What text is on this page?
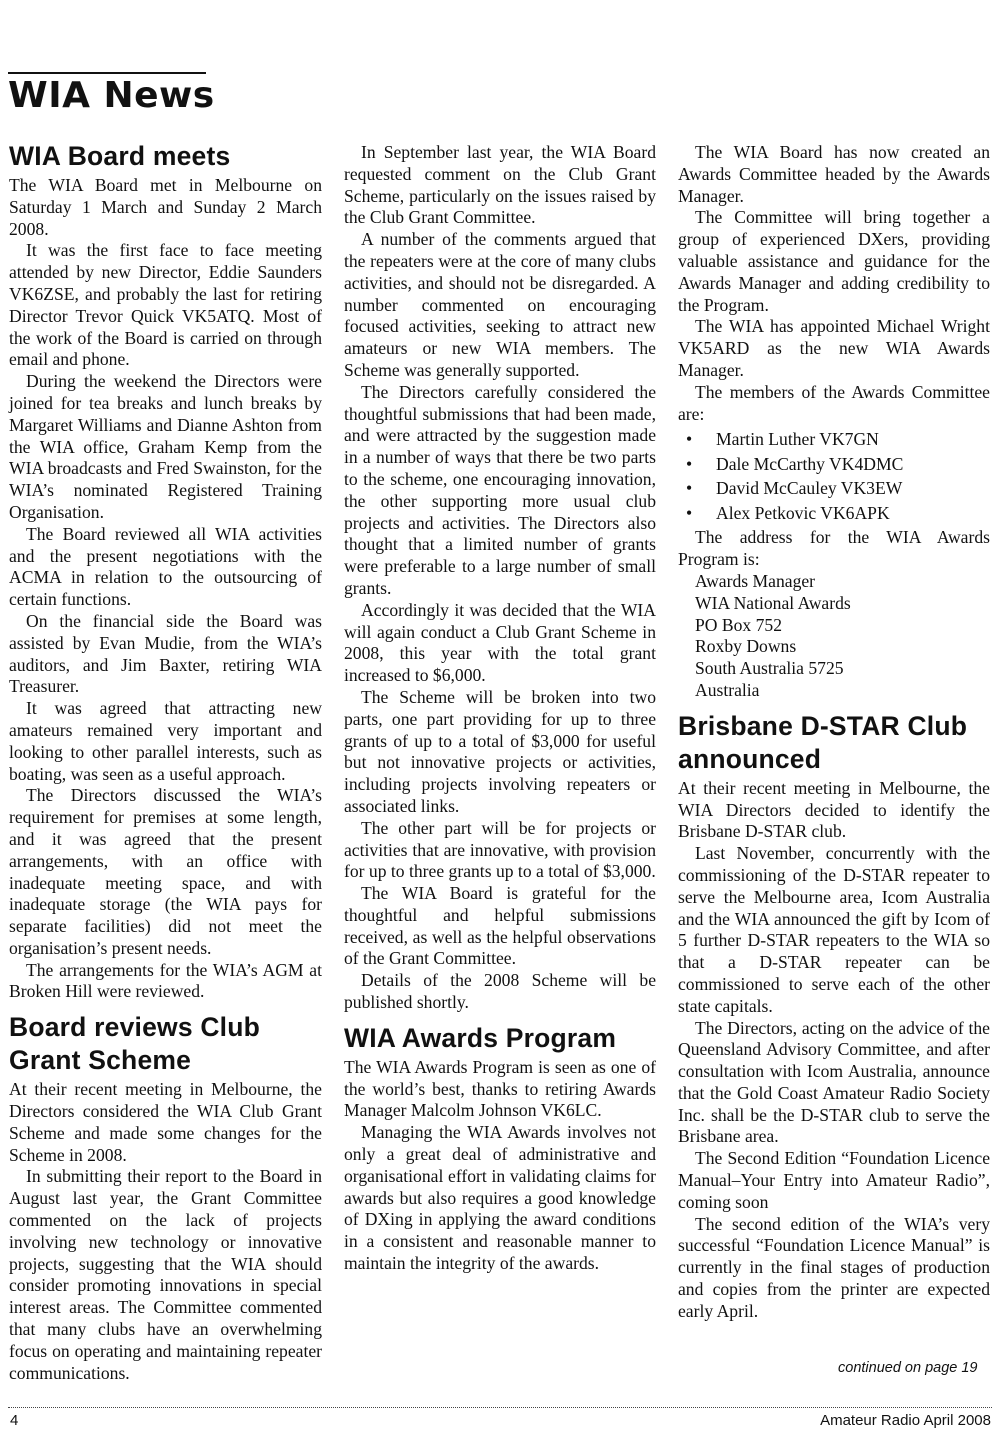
WIA News
WIA Board meets

The WIA Board met in Melbourne on Saturday 1 March and Sunday 2 March 2008.

It was the first face to face meeting attended by new Director, Eddie Saunders VK6ZSE, and probably the last for retiring Director Trevor Quick VK5ATQ. Most of the work of the Board is carried on through email and phone.

During the weekend the Directors were joined for tea breaks and lunch breaks by Margaret Williams and Dianne Ashton from the WIA office, Graham Kemp from the WIA broadcasts and Fred Swainston, for the WIA’s nominated Registered Training Organisation.

The Board reviewed all WIA activities and the present negotiations with the ACMA in relation to the outsourcing of certain functions.

On the financial side the Board was assisted by Evan Mudie, from the WIA’s auditors, and Jim Baxter, retiring WIA Treasurer.

It was agreed that attracting new amateurs remained very important and looking to other parallel interests, such as boating, was seen as a useful approach.

The Directors discussed the WIA’s requirement for premises at some length, and it was agreed that the present arrangements, with an office with inadequate meeting space, and with inadequate storage (the WIA pays for separate facilities) did not meet the organisation’s present needs.

The arrangements for the WIA’s AGM at Broken Hill were reviewed.

Board reviews Club Grant Scheme

At their recent meeting in Melbourne, the Directors considered the WIA Club Grant Scheme and made some changes for the Scheme in 2008.

In submitting their report to the Board in August last year, the Grant Committee commented on the lack of projects involving new technology or innovative projects, suggesting that the WIA should consider promoting innovations in special interest areas. The Committee commented that many clubs have an overwhelming focus on operating and maintaining repeater communications.

In September last year, the WIA Board requested comment on the Club Grant Scheme, particularly on the issues raised by the Club Grant Committee.

A number of the comments argued that the repeaters were at the core of many clubs activities, and should not be disregarded. A number commented on encouraging focused activities, seeking to attract new amateurs or new WIA members. The Scheme was generally supported.

The Directors carefully considered the thoughtful submissions that had been made, and were attracted by the suggestion made in a number of ways that there be two parts to the scheme, one encouraging innovation, the other supporting more usual club projects and activities. The Directors also thought that a limited number of grants were preferable to a large number of small grants.

Accordingly it was decided that the WIA will again conduct a Club Grant Scheme in 2008, this year with the total grant increased to $6,000.

The Scheme will be broken into two parts, one part providing for up to three grants of up to a total of $3,000 for useful but not innovative projects or activities, including projects involving repeaters or associated links.

The other part will be for projects or activities that are innovative, with provision for up to three grants up to a total of $3,000.

The WIA Board is grateful for the thoughtful and helpful submissions received, as well as the helpful observations of the Grant Committee.

Details of the 2008 Scheme will be published shortly.

WIA Awards Program

The WIA Awards Program is seen as one of the world’s best, thanks to retiring Awards Manager Malcolm Johnson VK6LC.

Managing the WIA Awards involves not only a great deal of administrative and organisational effort in validating claims for awards but also requires a good knowledge of DXing in applying the award conditions in a consistent and reasonable manner to maintain the integrity of the awards.

The WIA Board has now created an Awards Committee headed by the Awards Manager.

The Committee will bring together a group of experienced DXers, providing valuable assistance and guidance for the Awards Manager and adding credibility to the Program.

The WIA has appointed Michael Wright VK5ARD as the new WIA Awards Manager.

The members of the Awards Committee are:

• Martin Luther VK7GN
• Dale McCarthy VK4DMC
• David McCauley VK3EW
• Alex Petkovic VK6APK

The address for the WIA Awards Program is:

Awards Manager
WIA National Awards
PO Box 752
Roxby Downs
South Australia 5725
Australia
Brisbane D-STAR Club announced

At their recent meeting in Melbourne, the WIA Directors decided to identify the Brisbane D-STAR club.

Last November, concurrently with the commissioning of the D-STAR repeater to serve the Melbourne area, Icom Australia and the WIA announced the gift by Icom of 5 further D-STAR repeaters to the WIA so that a D-STAR repeater can be commissioned to serve each of the other state capitals.

The Directors, acting on the advice of the Queensland Advisory Committee, and after consultation with Icom Australia, announce that the Gold Coast Amateur Radio Society Inc. shall be the D-STAR club to serve the Brisbane area.

The Second Edition “Foundation Licence Manual–Your Entry into Amateur Radio”, coming soon

The second edition of the WIA’s very successful “Foundation Licence Manual” is currently in the final stages of production and copies from the printer are expected early April.

continued on page 19
4	Amateur Radio April 2008
